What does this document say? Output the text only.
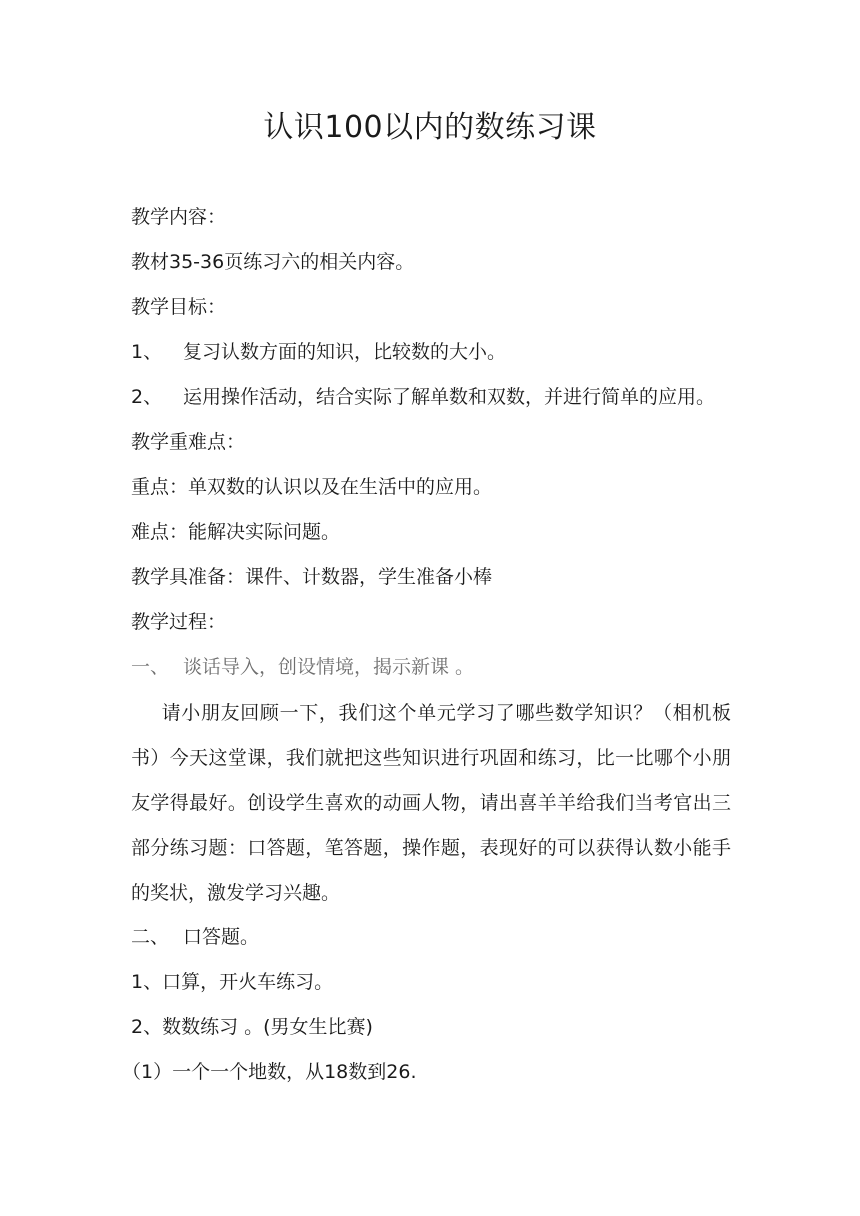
认识100以内的数练习课
教学内容：
教材35-36页练习六的相关内容。
教学目标：
1、 复习认数方面的知识，比较数的大小。
2、 运用操作活动，结合实际了解单数和双数，并进行简单的应用。
教学重难点：
重点：单双数的认识以及在生活中的应用。
难点：能解决实际问题。
教学具准备：课件、计数器，学生准备小棒
教学过程：
一、 谈话导入，创设情境，揭示新课 。
请小朋友回顾一下，我们这个单元学习了哪些数学知识？（相机板书）今天这堂课，我们就把这些知识进行巩固和练习，比一比哪个小朋友学得最好。创设学生喜欢的动画人物，请出喜羊羊给我们当考官出三部分练习题：口答题，笔答题，操作题，表现好的可以获得认数小能手的奖状，激发学习兴趣。
二、 口答题。
1、口算，开火车练习。
2、数数练习 。(男女生比赛)
（1）一个一个地数，从18数到26.
